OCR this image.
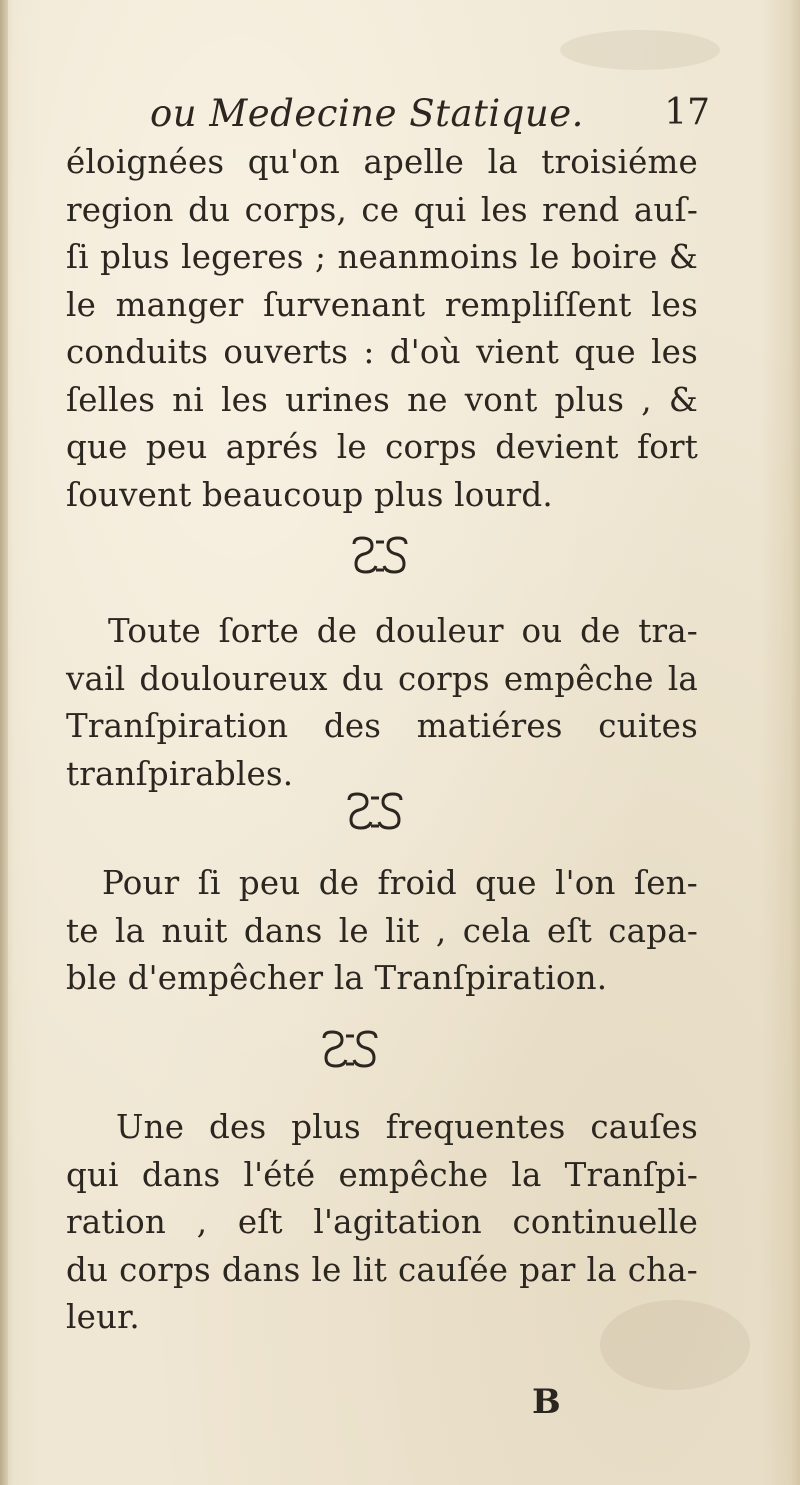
ou Medecine Statique. 17
éloignées qu'on apelle la troisiéme
region du corps, ce qui les rend auſ-
ſi plus legeres ; neanmoins le boire &
le manger ſurvenant rempliſſent les
conduits ouverts : d'où vient que les
ſelles ni les urines ne vont plus , &
que peu aprés le corps devient fort
ſouvent beaucoup plus lourd.
Toute ſorte de douleur ou de tra-
vail douloureux du corps empêche la
Tranſpiration des matiéres cuites
tranſpirables.
Pour ſi peu de froid que l'on ſen-
te la nuit dans le lit , cela eſt capa-
ble d'empêcher la Tranſpiration.
Une des plus frequentes cauſes
qui dans l'été empêche la Tranſpi-
ration , eſt l'agitation continuelle
du corps dans le lit cauſée par la cha-
leur.
B
